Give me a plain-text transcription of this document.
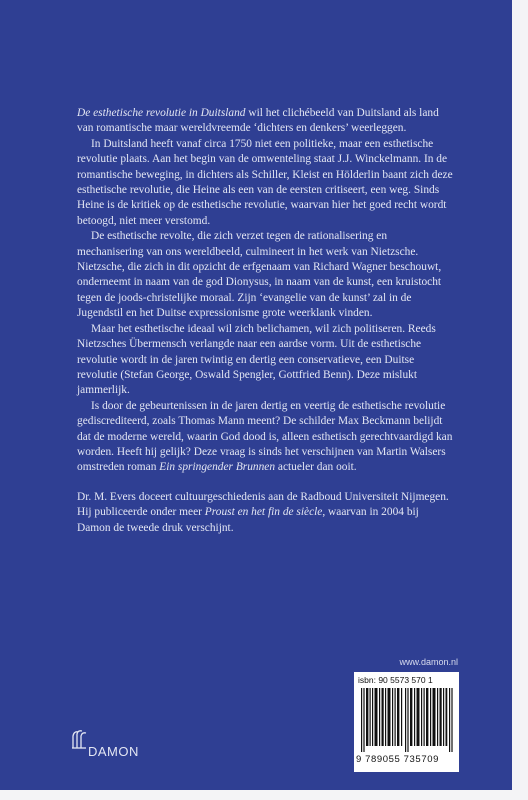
De esthetische revolutie in Duitsland wil het clichébeeld van Duitsland als land van romantische maar wereldvreemde ‘dichters en denkers’ weerleggen.

In Duitsland heeft vanaf circa 1750 niet een politieke, maar een esthetische revolutie plaats. Aan het begin van de omwenteling staat J.J. Winckelmann. In de romantische beweging, in dichters als Schiller, Kleist en Hölderlin baant zich deze esthetische revolutie, die Heine als een van de eersten critiseert, een weg. Sinds Heine is de kritiek op de esthetische revolutie, waarvan hier het goed recht wordt betoogd, niet meer verstomd.

De esthetische revolte, die zich verzet tegen de rationalisering en mechanisering van ons wereldbeeld, culmineert in het werk van Nietzsche. Nietzsche, die zich in dit opzicht de erfgenaam van Richard Wagner beschouwt, onderneemt in naam van de god Dionysus, in naam van de kunst, een kruistocht tegen de joods-christelijke moraal. Zijn ‘evangelie van de kunst’ zal in de Jugendstil en het Duitse expressionisme grote weerklank vinden.

Maar het esthetische ideaal wil zich belichamen, wil zich politiseren. Reeds Nietzsches Übermensch verlangde naar een aardse vorm. Uit de esthetische revolutie wordt in de jaren twintig en dertig een conservatieve, een Duitse revolutie (Stefan George, Oswald Spengler, Gottfried Benn). Deze mislukt jammerlijk.

Is door de gebeurtenissen in de jaren dertig en veertig de esthetische revolutie gediscrediteerd, zoals Thomas Mann meent? De schilder Max Beckmann belijdt dat de moderne wereld, waarin God dood is, alleen esthetisch gerechtvaardigd kan worden. Heeft hij gelijk? Deze vraag is sinds het verschijnen van Martin Walsers omstreden roman Ein springender Brunnen actueler dan ooit.

Dr. M. Evers doceert cultuurgeschiedenis aan de Radboud Universiteit Nijmegen. Hij publiceerde onder meer Proust en het fin de siècle, waarvan in 2004 bij Damon de tweede druk verschijnt.

www.damon.nl
isbn: 90 5573 570 1
9 789055 735709
DAMON
